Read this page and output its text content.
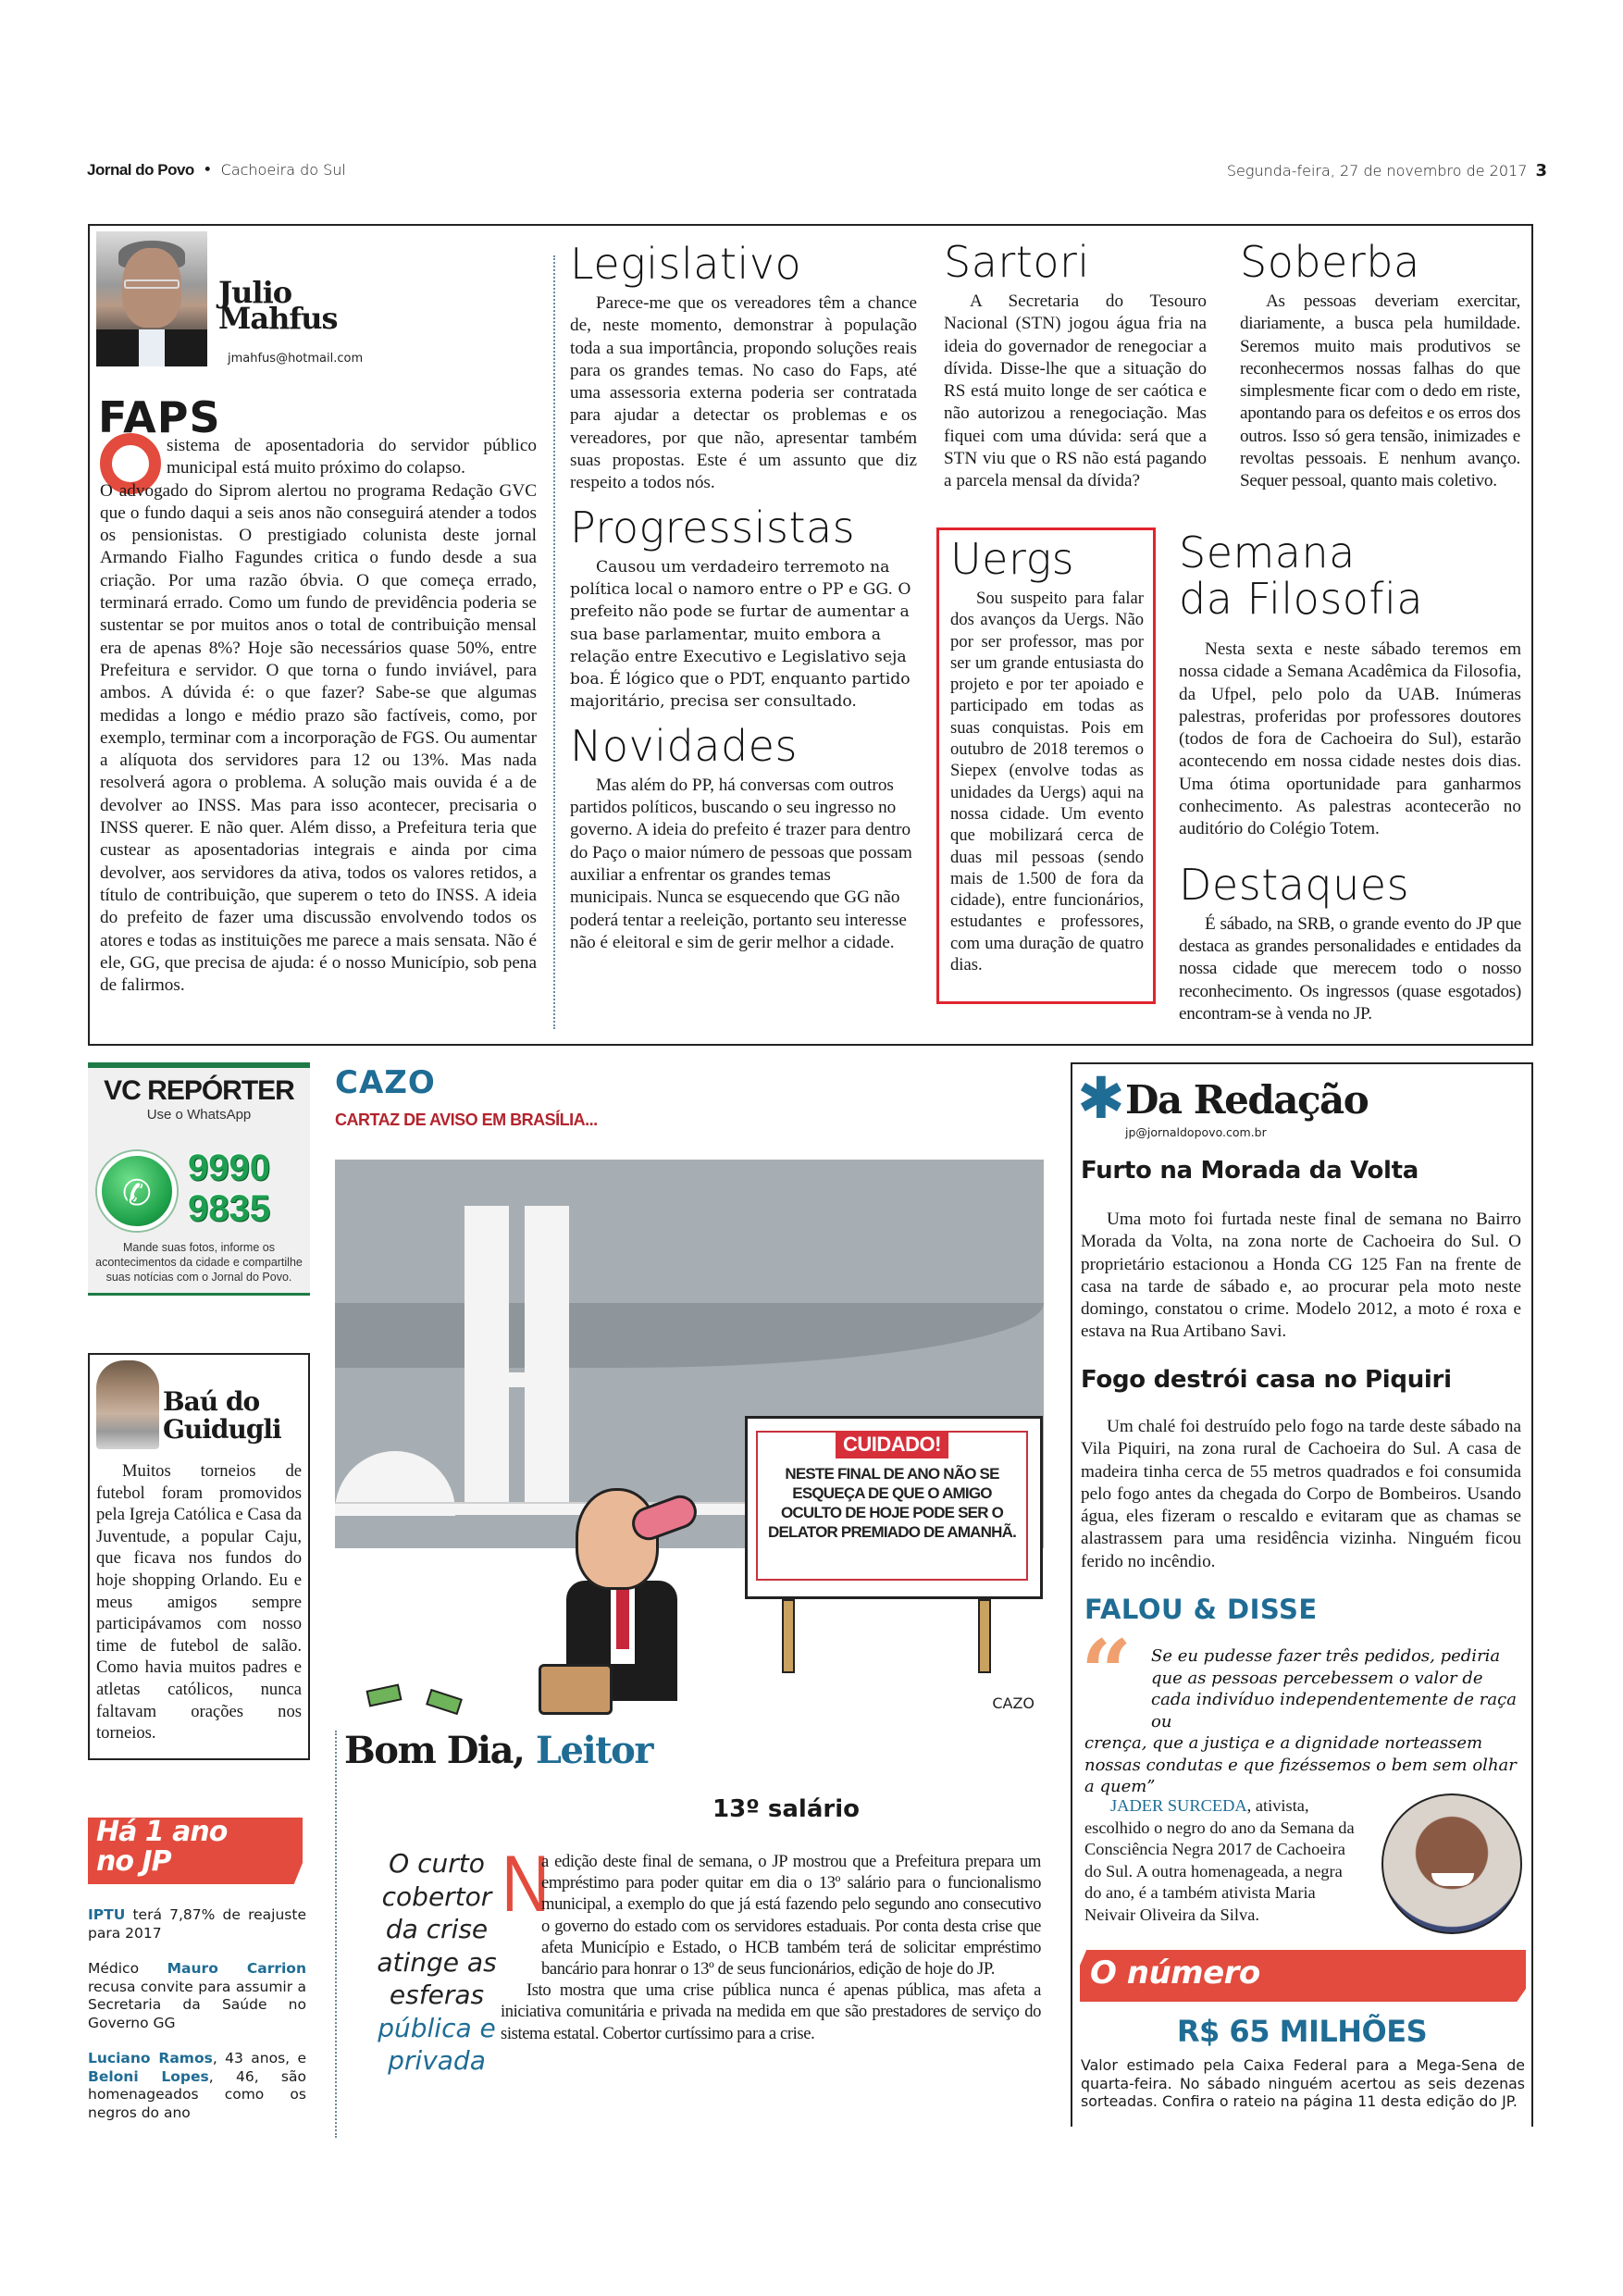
Jornal do Povo • Cachoeira do Sul	Segunda-feira, 27 de novembro de 2017 3
Julio
Mahfus
jmahfus@hotmail.com
FAPS
sistema de aposentadoria do servidor público municipal está muito próximo do colapso.
O advogado do Siprom alertou no programa Redação GVC que o fundo daqui a seis anos não conseguirá atender a todos os pensionistas. O prestigiado colunista deste jornal Armando Fialho Fagundes critica o fundo desde a sua criação. Por uma razão óbvia. O que começa errado, terminará errado. Como um fundo de previdência poderia se sustentar se por muitos anos o total de contribuição mensal era de apenas 8%? Hoje são necessários quase 50%, entre Prefeitura e servidor. O que torna o fundo inviável, para ambos. A dúvida é: o que fazer? Sabe-se que algumas medidas a longo e médio prazo são factíveis, como, por exemplo, terminar com a incorporação de FGS. Ou aumentar a alíquota dos servidores para 12 ou 13%. Mas nada resolverá agora o problema. A solução mais ouvida é a de devolver ao INSS. Mas para isso acontecer, precisaria o INSS querer. E não quer. Além disso, a Prefeitura teria que custear as aposentadorias integrais e ainda por cima devolver, aos servidores da ativa, todos os valores retidos, a título de contribuição, que superem o teto do INSS. A ideia do prefeito de fazer uma discussão envolvendo todos os atores e todas as instituições me parece a mais sensata. Não é ele, GG, que precisa de ajuda: é o nosso Município, sob pena de falirmos.
Legislativo
Parece-me que os vereadores têm a chance de, neste momento, demonstrar à população toda a sua importância, propondo soluções reais para os grandes temas. No caso do Faps, até uma assessoria externa poderia ser contratada para ajudar a detectar os problemas e os vereadores, por que não, apresentar também suas propostas. Este é um assunto que diz respeito a todos nós.
Progressistas
Causou um verdadeiro terremoto na política local o namoro entre o PP e GG. O prefeito não pode se furtar de aumentar a sua base parlamentar, muito embora a relação entre Executivo e Legislativo seja boa. É lógico que o PDT, enquanto partido majoritário, precisa ser consultado.
Novidades
Mas além do PP, há conversas com outros partidos políticos, buscando o seu ingresso no governo. A ideia do prefeito é trazer para dentro do Paço o maior número de pessoas que possam auxiliar a enfrentar os grandes temas municipais. Nunca se esquecendo que GG não poderá tentar a reeleição, portanto seu interesse não é eleitoral e sim de gerir melhor a cidade.
Sartori
A Secretaria do Tesouro Nacional (STN) jogou água fria na ideia do governador de renegociar a dívida. Disse-lhe que a situação do RS está muito longe de ser caótica e não autorizou a renegociação. Mas fiquei com uma dúvida: será que a STN viu que o RS não está pagando a parcela mensal da dívida?
Soberba
As pessoas deveriam exercitar, diariamente, a busca pela humildade. Seremos muito mais produtivos se reconhecermos nossas falhas do que simplesmente ficar com o dedo em riste, apontando para os defeitos e os erros dos outros. Isso só gera tensão, inimizades e revoltas pessoais. E nenhum avanço. Sequer pessoal, quanto mais coletivo.
Uergs
Sou suspeito para falar dos avanços da Uergs. Não por ser professor, mas por ser um grande entusiasta do projeto e por ter apoiado e participado em todas as suas conquistas. Pois em outubro de 2018 teremos o Siepex (envolve todas as unidades da Uergs) aqui na nossa cidade. Um evento que mobilizará cerca de duas mil pessoas (sendo mais de 1.500 de fora da cidade), entre funcionários, estudantes e professores, com uma duração de quatro dias.
Semana
da Filosofia
Nesta sexta e neste sábado teremos em nossa cidade a Semana Acadêmica da Filosofia, da Ufpel, pelo polo da UAB. Inúmeras palestras, proferidas por professores doutores (todos de fora de Cachoeira do Sul), estarão acontecendo em nossa cidade nestes dois dias. Uma ótima oportunidade para ganharmos conhecimento. As palestras acontecerão no auditório do Colégio Totem.
Destaques
É sábado, na SRB, o grande evento do JP que destaca as grandes personalidades e entidades da nossa cidade que merecem todo o nosso reconhecimento. Os ingressos (quase esgotados) encontram-se à venda no JP.
VC REPÓRTER
Use o WhatsApp
✆
9990
9835
Mande suas fotos, informe os acontecimentos da cidade e compartilhe suas notícias com o Jornal do Povo.
Baú do
Guidugli
Muitos torneios de futebol foram promovidos pela Igreja Católica e Casa da Juventude, a popular Caju, que ficava nos fundos do hoje shopping Orlando. Eu e meus amigos sempre participávamos com nosso time de futebol de salão. Como havia muitos padres e atletas católicos, nunca faltavam orações nos torneios.
Há 1 ano
no JP

IPTU terá 7,87% de reajuste para 2017

Médico Mauro Carrion recusa convite para assumir a Secretaria da Saúde no Governo GG

Luciano Ramos, 43 anos, e Beloni Lopes, 46, são homenageados como os negros do ano

CAZO
CUIDADO!
NESTE FINAL DE ANO NÃO SE ESQUEÇA DE QUE O AMIGO OCULTO DE HOJE PODE SER O DELATOR PREMIADO DE AMANHÃ.
CAZO
CARTAZ DE AVISO EM BRASÍLIA...
Bom Dia, Leitor
O curto cobertor da crise atinge as esferas pública e privada
13º salário
N
a edição deste final de semana, o JP mostrou que a Prefeitura prepara um empréstimo para poder quitar em dia o 13º salário para o funcionalismo municipal, a exemplo do que já está fazendo pelo segundo ano consecutivo o governo do estado com os servidores estaduais. Por conta desta crise que afeta Município e Estado, o HCB também terá de solicitar empréstimo bancário para honrar o 13º de seus funcionários, edição de hoje do JP.
Isto mostra que uma crise pública nunca é apenas pública, mas afeta a iniciativa comunitária e privada na medida em que são prestadores de serviço do sistema estatal. Cobertor curtíssimo para a crise.
✱ Da Redação
jp@jornaldopovo.com.br
Furto na Morada da Volta
Uma moto foi furtada neste final de semana no Bairro Morada da Volta, na zona norte de Cachoeira do Sul. O proprietário estacionou a Honda CG 125 Fan na frente de casa na tarde de sábado e, ao procurar pela moto neste domingo, constatou o crime. Modelo 2012, a moto é roxa e estava na Rua Artibano Savi.
Fogo destrói casa no Piquiri
Um chalé foi destruído pelo fogo na tarde deste sábado na Vila Piquiri, na zona rural de Cachoeira do Sul. A casa de madeira tinha cerca de 55 metros quadrados e foi consumida pelo fogo antes da chegada do Corpo de Bombeiros. Usando água, eles fizeram o rescaldo e evitaram que as chamas se alastrassem para uma residência vizinha. Ninguém ficou ferido no incêndio.
FALOU & DISSE
“	Se eu pudesse fazer três pedidos, pediria que as pessoas percebessem o valor de cada indivíduo independentemente de raça ou
crença, que a justiça e a dignidade norteassem nossas condutas e que fizéssemos o bem sem olhar a quem”
JADER SURCEDA, ativista, escolhido o negro do ano da Semana da Consciência Negra 2017 de Cachoeira do Sul. A outra homenageada, a negra do ano, é a também ativista Maria Neivair Oliveira da Silva.
O número
R$ 65 MILHÕES
Valor estimado pela Caixa Federal para a Mega-Sena de quarta-feira. No sábado ninguém acertou as seis dezenas sorteadas. Confira o rateio na página 11 desta edição do JP.
